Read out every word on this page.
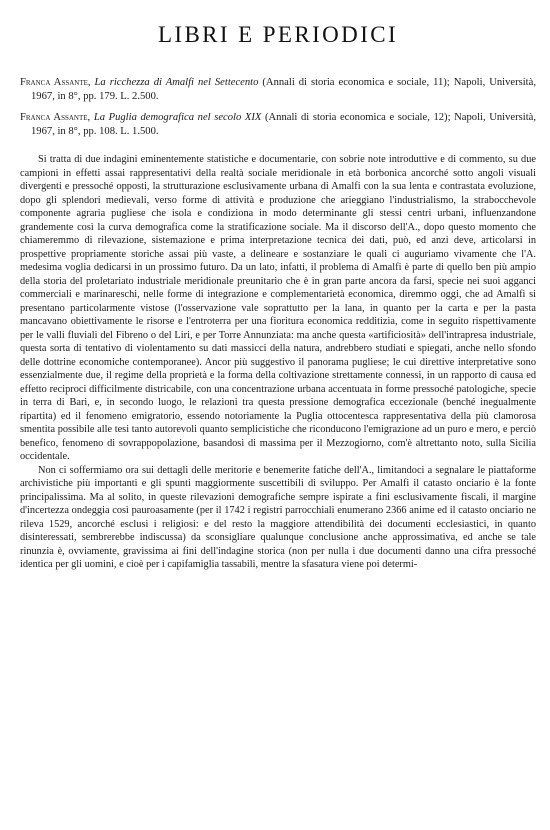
LIBRI E PERIODICI

Franca Assante, La ricchezza di Amalfi nel Settecento (Annali di storia economica e sociale, 11); Napoli, Università, 1967, in 8°, pp. 179. L. 2.500.

Franca Assante, La Puglia demografica nel secolo XIX (Annali di storia economica e sociale, 12); Napoli, Università, 1967, in 8°, pp. 108. L. 1.500.

Si tratta di due indagini eminentemente statistiche e documentarie, con sobrie note introduttive e di commento, su due campioni in effetti assai rappresentativi della realtà sociale meridionale in età borbonica ancorché sotto angoli visuali divergenti e pressoché opposti, la strutturazione esclusivamente urbana di Amalfi con la sua lenta e contrastata evoluzione, dopo gli splendori medievali, verso forme di attività e produzione che arieggiano l'industrialismo, la strabocchevole componente agraria pugliese che isola e condiziona in modo determinante gli stessi centri urbani, influenzandone grandemente così la curva demografica come la stratificazione sociale. Ma il discorso dell'A., dopo questo momento che chiameremmo di rilevazione, sistemazione e prima interpretazione tecnica dei dati, può, ed anzi deve, articolarsi in prospettive propriamente storiche assai più vaste, a delineare e sostanziare le quali ci auguriamo vivamente che l'A. medesima voglia dedicarsi in un prossimo futuro. Da un lato, infatti, il problema di Amalfi è parte di quello ben più ampio della storia del proletariato industriale meridionale preunitario che è in gran parte ancora da farsi, specie nei suoi agganci commerciali e marinareschi, nelle forme di integrazione e complementarietà economica, diremmo oggi, che ad Amalfi si presentano particolarmente vistose (l'osservazione vale soprattutto per la lana, in quanto per la carta e per la pasta mancavano obiettivamente le risorse e l'entroterra per una fioritura economica redditizia, come in seguito rispettivamente per le valli fluviali del Fibreno o del Liri, e per Torre Annunziata: ma anche questa «artificiosità» dell'intrapresa industriale, questa sorta di tentativo di violentamento su dati massicci della natura, andrebbero studiati e spiegati, anche nello sfondo delle dottrine economiche contemporanee). Ancor più suggestivo il panorama pugliese; le cui direttive interpretative sono essenzialmente due, il regime della proprietà e la forma della coltivazione strettamente connessi, in un rapporto di causa ed effetto reciproci difficilmente districabile, con una concentrazione urbana accentuata in forme pressoché patologiche, specie in terra di Bari, e, in secondo luogo, le relazioni tra questa pressione demografica eccezionale (benché inegualmente ripartita) ed il fenomeno emigratorio, essendo notoriamente la Puglia ottocentesca rappresentativa della più clamorosa smentita possibile alle tesi tanto autorevoli quanto semplicistiche che riconducono l'emigrazione ad un puro e mero, e perciò benefico, fenomeno di sovrappopolazione, basandosi di massima per il Mezzogiorno, com'è altrettanto noto, sulla Sicilia occidentale.

Non ci soffermiamo ora sui dettagli delle meritorie e benemerite fatiche dell'A., limitandoci a segnalare le piattaforme archivistiche più importanti e gli spunti maggiormente suscettibili di sviluppo. Per Amalfi il catasto onciario è la fonte principalissima. Ma al solito, in queste rilevazioni demografiche sempre ispirate a fini esclusivamente fiscali, il margine d'incertezza ondeggia così pauroasamente (per il 1742 i registri parrocchiali enumerano 2366 anime ed il catasto onciario ne rileva 1529, ancorché esclusi i religiosi: e del resto la maggiore attendibilità dei documenti ecclesiastici, in quanto disinteressati, sembrerebbe indiscussa) da sconsigliare qualunque conclusione anche approssimativa, ed anche se tale rinunzia è, ovviamente, gravissima ai fini dell'indagine storica (non per nulla i due documenti danno una cifra pressoché identica per gli uomini, e cioè per i capifamiglia tassabili, mentre la sfasatura viene poi determi-
